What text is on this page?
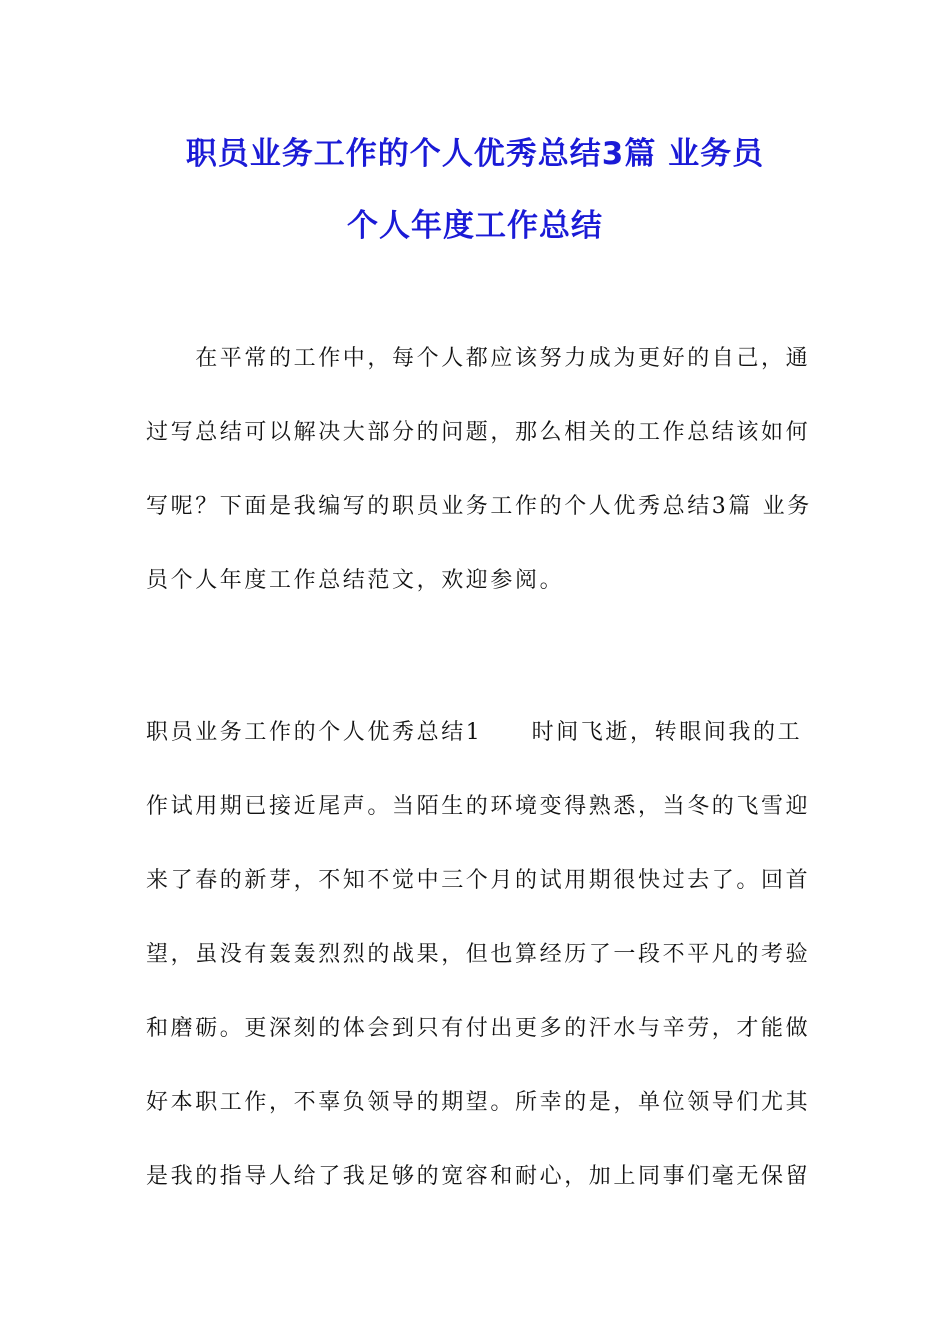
职员业务工作的个人优秀总结3篇 业务员
个人年度工作总结
　　在平常的工作中，每个人都应该努力成为更好的自己，通
过写总结可以解决大部分的问题，那么相关的工作总结该如何
写呢？下面是我编写的职员业务工作的个人优秀总结3篇 业务
员个人年度工作总结范文，欢迎参阅。
职员业务工作的个人优秀总结1　　时间飞逝，转眼间我的工
作试用期已接近尾声。当陌生的环境变得熟悉，当冬的飞雪迎
来了春的新芽，不知不觉中三个月的试用期很快过去了。回首
望，虽没有轰轰烈烈的战果，但也算经历了一段不平凡的考验
和磨砺。更深刻的体会到只有付出更多的汗水与辛劳，才能做
好本职工作，不辜负领导的期望。所幸的是，单位领导们尤其
是我的指导人给了我足够的宽容和耐心，加上同事们毫无保留
